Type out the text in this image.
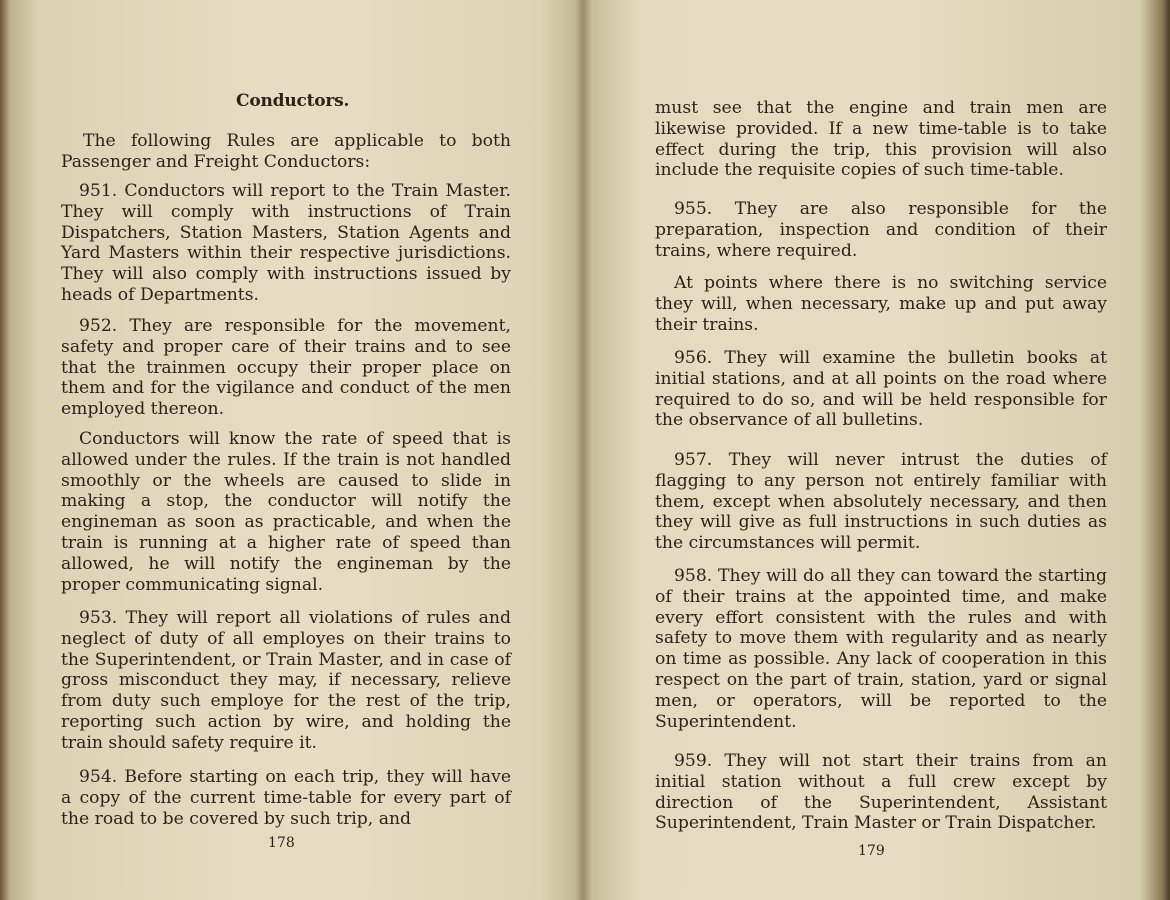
Conductors.

The following Rules are applicable to both Passenger and Freight Conductors:

951. Conductors will report to the Train Master. They will comply with instructions of Train Dispatchers, Station Masters, Station Agents and Yard Masters within their respective jurisdictions. They will also comply with instructions issued by heads of Departments.

952. They are responsible for the movement, safety and proper care of their trains and to see that the trainmen occupy their proper place on them and for the vigilance and conduct of the men employed thereon.

Conductors will know the rate of speed that is allowed under the rules. If the train is not handled smoothly or the wheels are caused to slide in making a stop, the conductor will notify the engineman as soon as practicable, and when the train is running at a higher rate of speed than allowed, he will notify the engineman by the proper communicating signal.

953. They will report all violations of rules and neglect of duty of all employes on their trains to the Superintendent, or Train Master, and in case of gross misconduct they may, if necessary, relieve from duty such employe for the rest of the trip, reporting such action by wire, and holding the train should safety require it.

954. Before starting on each trip, they will have a copy of the current time-table for every part of the road to be covered by such trip, and

178

must see that the engine and train men are likewise provided. If a new time-table is to take effect during the trip, this provision will also include the requisite copies of such time-table.

955. They are also responsible for the preparation, inspection and condition of their trains, where required.

At points where there is no switching service they will, when necessary, make up and put away their trains.

956. They will examine the bulletin books at initial stations, and at all points on the road where required to do so, and will be held responsible for the observance of all bulletins.

957. They will never intrust the duties of flagging to any person not entirely familiar with them, except when absolutely necessary, and then they will give as full instructions in such duties as the circumstances will permit.

958. They will do all they can toward the starting of their trains at the appointed time, and make every effort consistent with the rules and with safety to move them with regularity and as nearly on time as possible. Any lack of cooperation in this respect on the part of train, station, yard or signal men, or operators, will be reported to the Superintendent.

959. They will not start their trains from an initial station without a full crew except by direction of the Superintendent, Assistant Superintendent, Train Master or Train Dispatcher.

179
